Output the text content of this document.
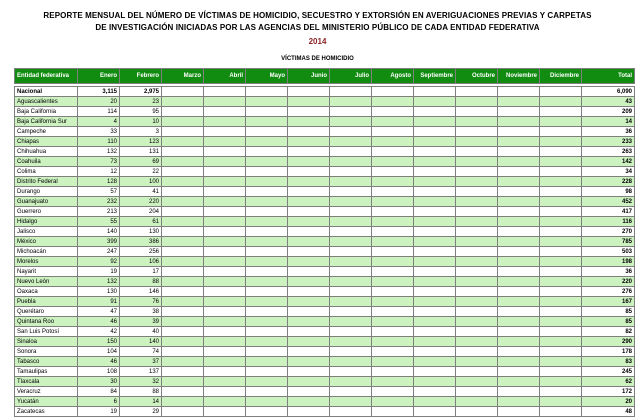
REPORTE MENSUAL DEL NÚMERO DE VÍCTIMAS DE HOMICIDIO, SECUESTRO Y EXTORSIÓN EN AVERIGUACIONES PREVIAS Y CARPETAS
DE INVESTIGACIÓN INICIADAS POR LAS AGENCIAS DEL MINISTERIO PÚBLICO DE CADA ENTIDAD FEDERATIVA
2014
VÍCTIMAS DE HOMICIDIO
Entidad federativa	Enero	Febrero	Marzo	Abril	Mayo	Junio	Julio	Agosto	Septiembre	Octubre	Noviembre	Diciembre	Total

Nacional	3,115	2,975											6,090
Aguascalientes	20	23											43
Baja California	114	95											209
Baja California Sur	4	10											14
Campeche	33	3											36
Chiapas	110	123											233
Chihuahua	132	131											263
Coahuila	73	69											142
Colima	12	22											34
Distrito Federal	128	100											228
Durango	57	41											98
Guanajuato	232	220											452
Guerrero	213	204											417
Hidalgo	55	61											116
Jalisco	140	130											270
México	399	386											785
Michoacán	247	256											503
Morelos	92	106											198
Nayarit	19	17											36
Nuevo León	132	88											220
Oaxaca	130	146											276
Puebla	91	76											167
Querétaro	47	38											85
Quintana Roo	46	39											85
San Luis Potosí	42	40											82
Sinaloa	150	140											290
Sonora	104	74											178
Tabasco	46	37											83
Tamaulipas	108	137											245
Tlaxcala	30	32											62
Veracruz	84	88											172
Yucatán	6	14											20
Zacatecas	19	29											48
